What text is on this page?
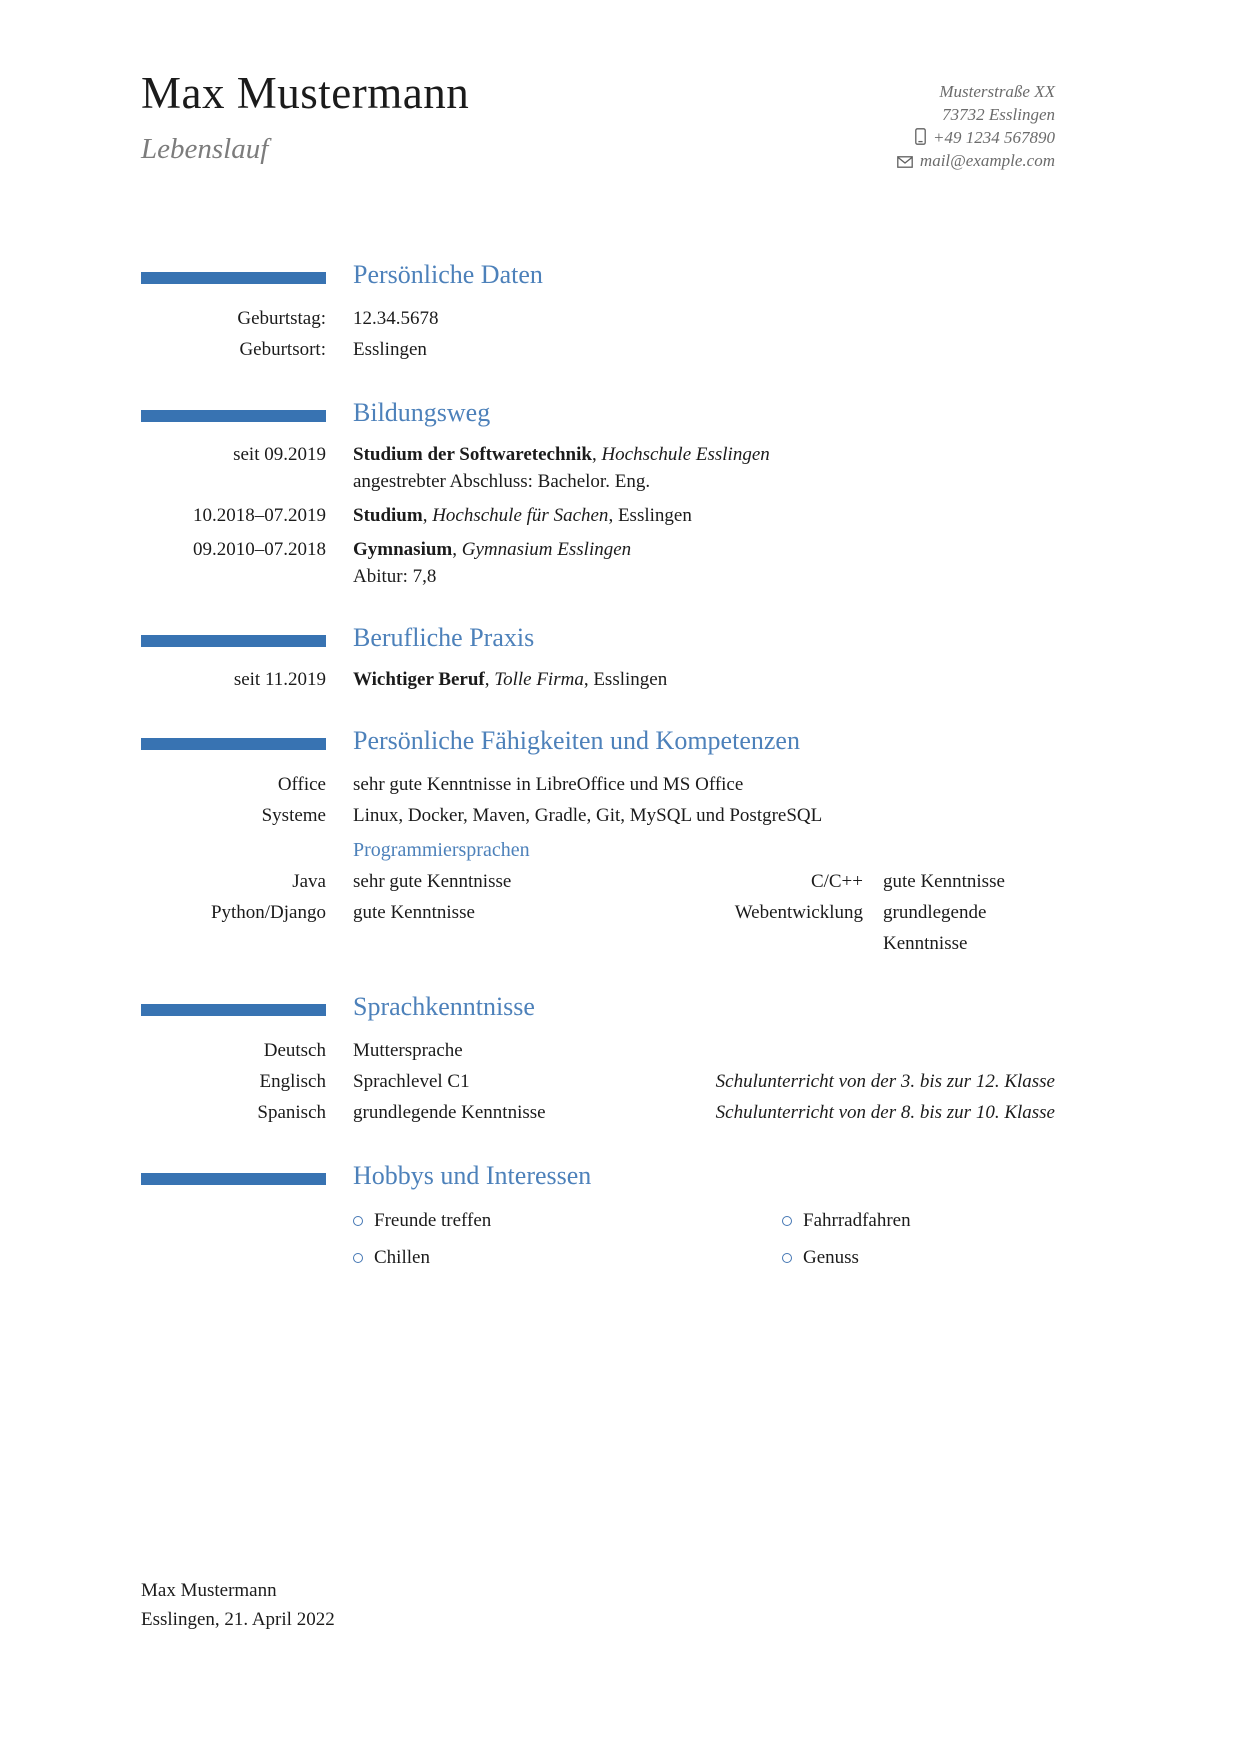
Max Mustermann
Lebenslauf
Musterstraße XX
73732 Esslingen
+49 1234 567890
mail@example.com
Persönliche Daten
Geburtstag: 12.34.5678
Geburtsort: Esslingen
Bildungsweg
seit 09.2019 Studium der Softwaretechnik, Hochschule Esslingen
angestrebter Abschluss: Bachelor. Eng.
10.2018–07.2019 Studium, Hochschule für Sachen, Esslingen
09.2010–07.2018 Gymnasium, Gymnasium Esslingen
Abitur: 7,8
Berufliche Praxis
seit 11.2019 Wichtiger Beruf, Tolle Firma, Esslingen
Persönliche Fähigkeiten und Kompetenzen
Office sehr gute Kenntnisse in LibreOffice und MS Office
Systeme Linux, Docker, Maven, Gradle, Git, MySQL und PostgreSQL
Programmiersprachen
Java sehr gute Kenntnisse	C/C++	gute Kenntnisse
Python/Django gute Kenntnisse	Webentwicklung	grundlegende Kenntnisse
Sprachkenntnisse
Deutsch Muttersprache
Englisch Sprachlevel C1	Schulunterricht von der 3. bis zur 12. Klasse
Spanisch grundlegende Kenntnisse	Schulunterricht von der 8. bis zur 10. Klasse
Hobbys und Interessen
Freunde treffen	Fahrradfahren
Chillen	Genuss
Max Mustermann
Esslingen, 21. April 2022
